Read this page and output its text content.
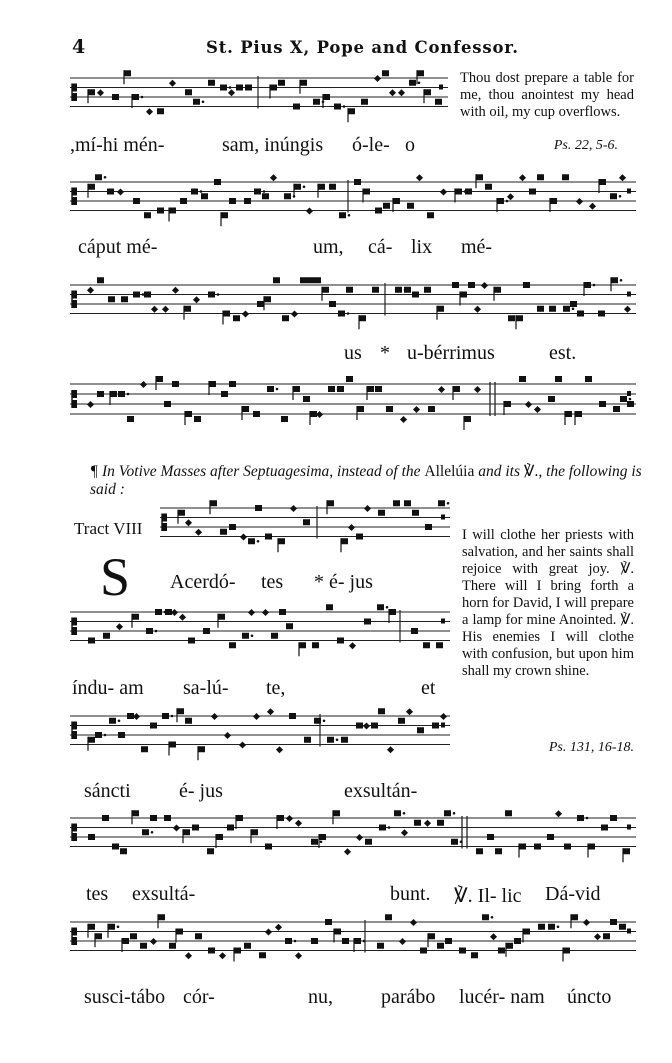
4	St. Pius X, Pope and Confessor.
Thou dost prepare a table for me, thou anointest my head with oil, my cup overflows.
Ps. 22, 5-6.
,mí-hi mén-	sam, inúngis ó-le- o
cáput mé-	um, cá- lix mé-
us * u-bérrimus	est.
¶ In Votive Masses after Septuagesima, instead of the Allelúia and its ℣., the following is said :
Tract VIII
S Acerdó- tes * é- jus
I will clothe her priests with salvation, and her saints shall rejoice with great joy. ℣. There will I bring forth a horn for David, I will prepare a lamp for mine Anointed. ℣. His enemies I will clothe with confusion, but upon him shall my crown shine.
Ps. 131, 16-18.
índu- am sa-lú- te,	et
sáncti é- jus	exsultán-
tes exsultá-	bunt. ℣. Il- lic Dá-vid
susci-tábo cór-	nu, parábo lucér- nam úncto
